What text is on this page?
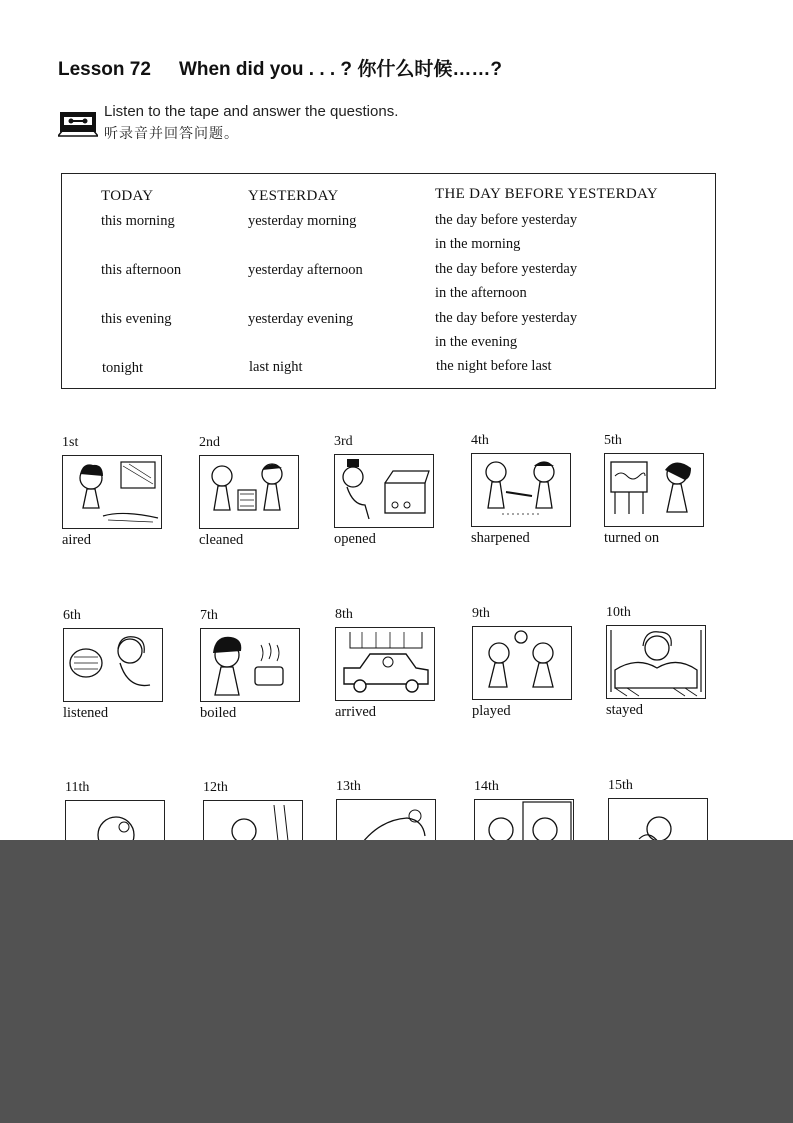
Lesson 72 When did you . . . ? 你什么时候……?
Listen to the tape and answer the questions.
听录音并回答问题。
TODAY	YESTERDAY	THE DAY BEFORE YESTERDAY
this morning	yesterday morning	the day before yesterday
in the morning
this afternoon	yesterday afternoon	the day before yesterday
in the afternoon
this evening	yesterday evening	the day before yesterday
in the evening
tonight	last night	the night before last
1st
aired
2nd
cleaned
3rd
opened
4th
sharpened
5th
turned on
6th
listened
7th
boiled
8th
arrived
9th
played
10th
stayed
11th	12th	13th	14th	15th
